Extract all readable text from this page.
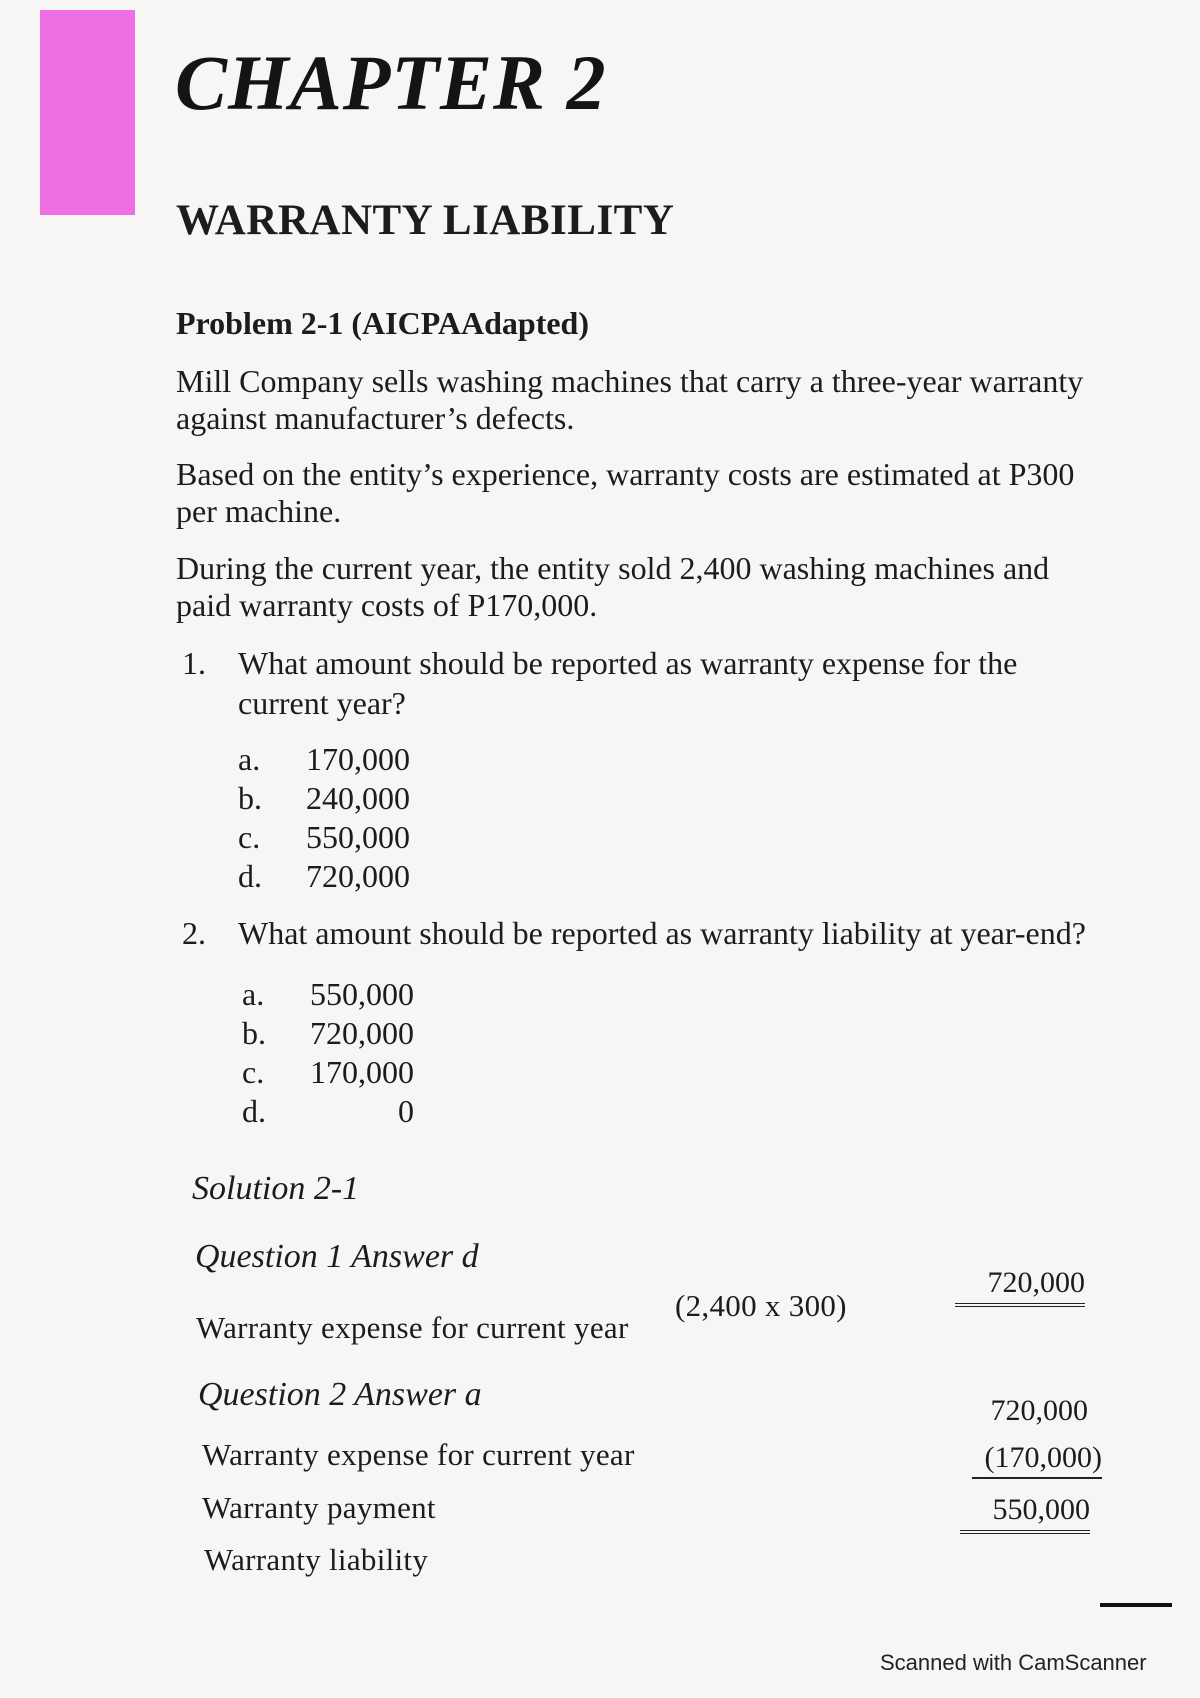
CHAPTER 2
WARRANTY LIABILITY
Problem 2-1 (AICPAAdapted)
Mill Company sells washing machines that carry a three-year warranty against manufacturer’s defects.
Based on the entity’s experience, warranty costs are estimated at P300 per machine.
During the current year, the entity sold 2,400 washing machines and paid warranty costs of P170,000.
1. What amount should be reported as warranty expense for the current year?
a. 170,000
b. 240,000
c. 550,000
d. 720,000
2. What amount should be reported as warranty liability at year-end?
a. 550,000
b. 720,000
c. 170,000
d.	0
Solution 2-1
Question 1 Answer d
Warranty expense for current year
(2,400 x 300)
720,000
Question 2 Answer a
Warranty expense for current year
Warranty payment
Warranty liability
720,000
(170,000)
550,000
Scanned with CamScanner
